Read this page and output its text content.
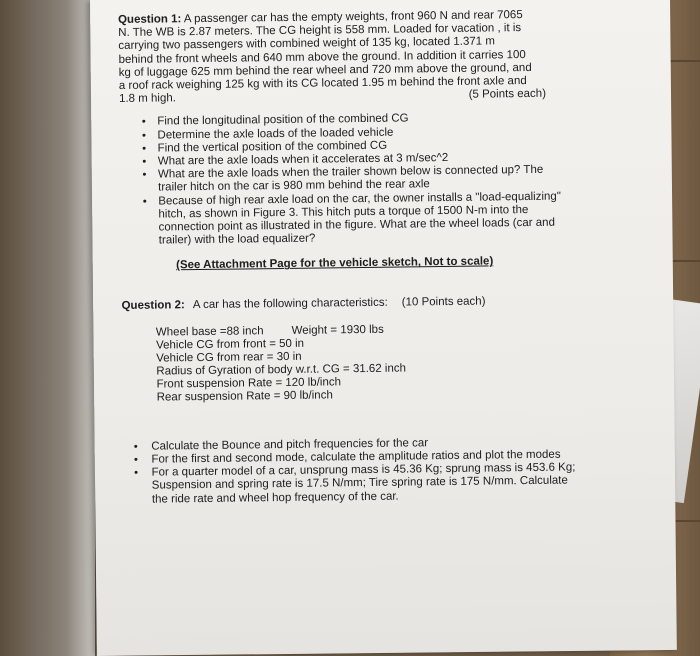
Question 1: A passenger car has the empty weights, front 960 N and rear 7065
N. The WB is 2.87 meters. The CG height is 558 mm. Loaded for vacation , it is
carrying two passengers with combined weight of 135 kg, located 1.371 m
behind the front wheels and 640 mm above the ground. In addition it carries 100
kg of luggage 625 mm behind the rear wheel and 720 mm above the ground, and
a roof rack weighing 125 kg with its CG located 1.95 m behind the front axle and

1.8 m high.	(5 Points each)
• Find the longitudinal position of the combined CG
• Determine the axle loads of the loaded vehicle
• Find the vertical position of the combined CG
• What are the axle loads when it accelerates at 3 m/sec^2
• What are the axle loads when the trailer shown below is connected up? The trailer hitch on the car is 980 mm behind the rear axle
• Because of high rear axle load on the car, the owner installs a "load-equalizing" hitch, as shown in Figure 3. This hitch puts a torque of 1500 N-m into the connection point as illustrated in the figure. What are the wheel loads (car and trailer) with the load equalizer?
(See Attachment Page for the vehicle sketch, Not to scale)
Question 2: A car has the following characteristics: (10 Points each)
Wheel base =88 inch Weight = 1930 lbs
Vehicle CG from front = 50 in
Vehicle CG from rear = 30 in
Radius of Gyration of body w.r.t. CG = 31.62 inch
Front suspension Rate = 120 lb/inch
Rear suspension Rate = 90 lb/inch
• Calculate the Bounce and pitch frequencies for the car
• For the first and second mode, calculate the amplitude ratios and plot the modes
• For a quarter model of a car, unsprung mass is 45.36 Kg; sprung mass is 453.6 Kg; Suspension and spring rate is 17.5 N/mm; Tire spring rate is 175 N/mm. Calculate the ride rate and wheel hop frequency of the car.
